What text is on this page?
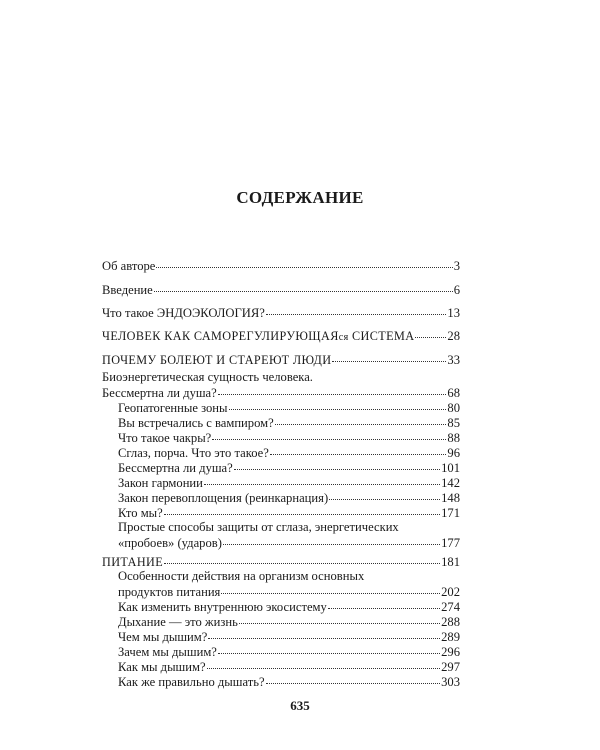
СОДЕРЖАНИЕ
Об авторе	3
Введение	6
Что такое ЭНДОЭКОЛОГИЯ?	13
ЧЕЛОВЕК КАК САМОРЕГУЛИРУЮЩАЯся СИСТЕМА	28
ПОЧЕМУ БОЛЕЮТ И СТАРЕЮТ ЛЮДИ	33
Биоэнергетическая сущность человека.
Бессмертна ли душа?	68
Геопатогенные зоны	80
Вы встречались с вампиром?	85
Что такое чакры?	88
Сглаз, порча. Что это такое?	96
Бессмертна ли душа?	101
Закон гармонии	142
Закон перевоплощения (реинкарнация)	148
Кто мы?	171
Простые способы защиты от сглаза, энергетических
«пробоев» (ударов)	177
ПИТАНИЕ	181
Особенности действия на организм основных
продуктов питания	202
Как изменить внутреннюю экосистему	274
Дыхание — это жизнь	288
Чем мы дышим?	289
Зачем мы дышим?	296
Как мы дышим?	297
Как же правильно дышать?	303
635
